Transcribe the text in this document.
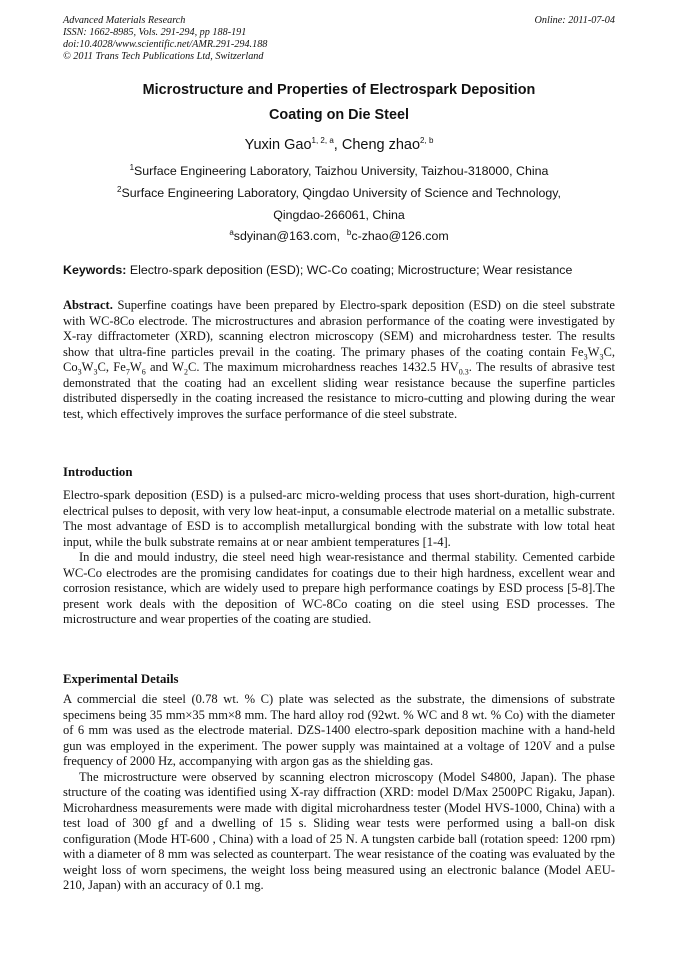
Advanced Materials Research
ISSN: 1662-8985, Vols. 291-294, pp 188-191
doi:10.4028/www.scientific.net/AMR.291-294.188
© 2011 Trans Tech Publications Ltd, Switzerland
Online: 2011-07-04
Microstructure and Properties of Electrospark Deposition
Coating on Die Steel
Yuxin Gao$^{1, 2, a}$, Cheng zhao$^{2, b}$
$^1$Surface Engineering Laboratory, Taizhou University, Taizhou-318000, China
$^2$Surface Engineering Laboratory, Qingdao University of Science and Technology,
Qingdao-266061, China
$^a$sdyinan@163.com, $^b$c-zhao@126.com
Keywords: Electro-spark deposition (ESD); WC-Co coating; Microstructure; Wear resistance

Abstract. Superfine coatings have been prepared by Electro-spark deposition (ESD) on die steel substrate with WC-8Co electrode. The microstructures and abrasion performance of the coating were investigated by X-ray diffractometer (XRD), scanning electron microscopy (SEM) and microhardness tester. The results show that ultra-fine particles prevail in the coating. The primary phases of the coating contain $Fe_3W_3C$, $Co_3W_3C$, $Fe_7W_6$ and $W_2C$. The maximum microhardness reaches 1432.5 $HV_{0.3}$. The results of abrasive test demonstrated that the coating had an excellent sliding wear resistance because the superfine particles distributed dispersedly in the coating increased the resistance to micro-cutting and plowing during the wear test, which effectively improves the surface performance of die steel substrate.

Introduction

Electro-spark deposition (ESD) is a pulsed-arc micro-welding process that uses short-duration, high-current electrical pulses to deposit, with very low heat-input, a consumable electrode material on a metallic substrate. The most advantage of ESD is to accomplish metallurgical bonding with the substrate with low total heat input, while the bulk substrate remains at or near ambient temperatures [1-4].

In die and mould industry, die steel need high wear-resistance and thermal stability. Cemented carbide WC-Co electrodes are the promising candidates for coatings due to their high hardness, excellent wear and corrosion resistance, which are widely used to prepare high performance coatings by ESD process [5-8].The present work deals with the deposition of WC-8Co coating on die steel using ESD processes. The microstructure and wear properties of the coating are studied.

Experimental Details

A commercial die steel (0.78 wt. % C) plate was selected as the substrate, the dimensions of substrate specimens being 35 mm×35 mm×8 mm. The hard alloy rod (92wt. % WC and 8 wt. % Co) with the diameter of 6 mm was used as the electrode material. DZS-1400 electro-spark deposition machine with a hand-held gun was employed in the experiment. The power supply was maintained at a voltage of 120V and a pulse frequency of 2000 Hz, accompanying with argon gas as the shielding gas.

The microstructure were observed by scanning electron microscopy (Model S4800, Japan). The phase structure of the coating was identified using X-ray diffraction (XRD: model D/Max 2500PC Rigaku, Japan). Microhardness measurements were made with digital microhardness tester (Model HVS-1000, China) with a test load of 300 gf and a dwelling of 15 s. Sliding wear tests were performed using a ball-on disk configuration (Mode HT-600 , China) with a load of 25 N. A tungsten carbide ball (rotation speed: 1200 rpm) with a diameter of 8 mm was selected as counterpart. The wear resistance of the coating was evaluated by the weight loss of worn specimens, the weight loss being measured using an electronic balance (Model AEU-210, Japan) with an accuracy of 0.1 mg.
